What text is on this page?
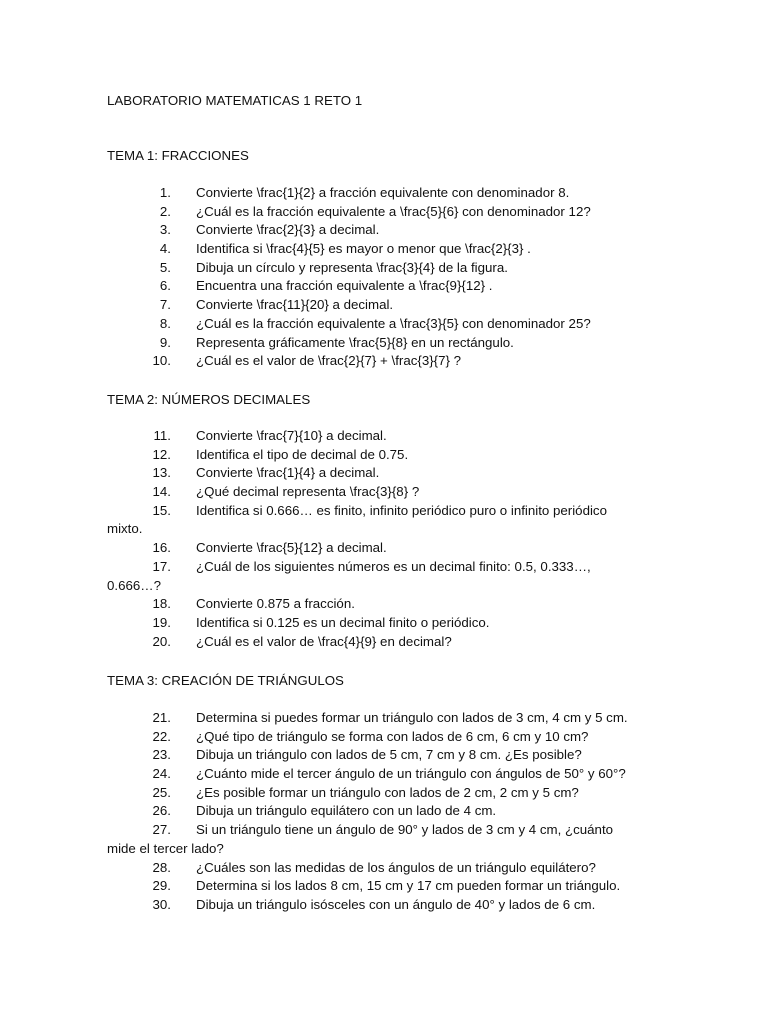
LABORATORIO MATEMATICAS 1 RETO 1
TEMA 1: FRACCIONES
1. Convierte \frac{1}{2} a fracción equivalente con denominador 8.
2. ¿Cuál es la fracción equivalente a \frac{5}{6} con denominador 12?
3. Convierte \frac{2}{3} a decimal.
4. Identifica si \frac{4}{5} es mayor o menor que \frac{2}{3} .
5. Dibuja un círculo y representa \frac{3}{4} de la figura.
6. Encuentra una fracción equivalente a \frac{9}{12} .
7. Convierte \frac{11}{20} a decimal.
8. ¿Cuál es la fracción equivalente a \frac{3}{5} con denominador 25?
9. Representa gráficamente \frac{5}{8} en un rectángulo.
10. ¿Cuál es el valor de \frac{2}{7} + \frac{3}{7} ?
TEMA 2: NÚMEROS DECIMALES
11. Convierte \frac{7}{10} a decimal.
12. Identifica el tipo de decimal de 0.75.
13. Convierte \frac{1}{4} a decimal.
14. ¿Qué decimal representa \frac{3}{8} ?
15. Identifica si 0.666… es finito, infinito periódico puro o infinito periódico
mixto.
16. Convierte \frac{5}{12} a decimal.
17. ¿Cuál de los siguientes números es un decimal finito: 0.5, 0.333…,
0.666…?
18. Convierte 0.875 a fracción.
19. Identifica si 0.125 es un decimal finito o periódico.
20. ¿Cuál es el valor de \frac{4}{9} en decimal?
TEMA 3: CREACIÓN DE TRIÁNGULOS
21. Determina si puedes formar un triángulo con lados de 3 cm, 4 cm y 5 cm.
22. ¿Qué tipo de triángulo se forma con lados de 6 cm, 6 cm y 10 cm?
23. Dibuja un triángulo con lados de 5 cm, 7 cm y 8 cm. ¿Es posible?
24. ¿Cuánto mide el tercer ángulo de un triángulo con ángulos de 50° y 60°?
25. ¿Es posible formar un triángulo con lados de 2 cm, 2 cm y 5 cm?
26. Dibuja un triángulo equilátero con un lado de 4 cm.
27. Si un triángulo tiene un ángulo de 90° y lados de 3 cm y 4 cm, ¿cuánto
mide el tercer lado?
28. ¿Cuáles son las medidas de los ángulos de un triángulo equilátero?
29. Determina si los lados 8 cm, 15 cm y 17 cm pueden formar un triángulo.
30. Dibuja un triángulo isósceles con un ángulo de 40° y lados de 6 cm.
